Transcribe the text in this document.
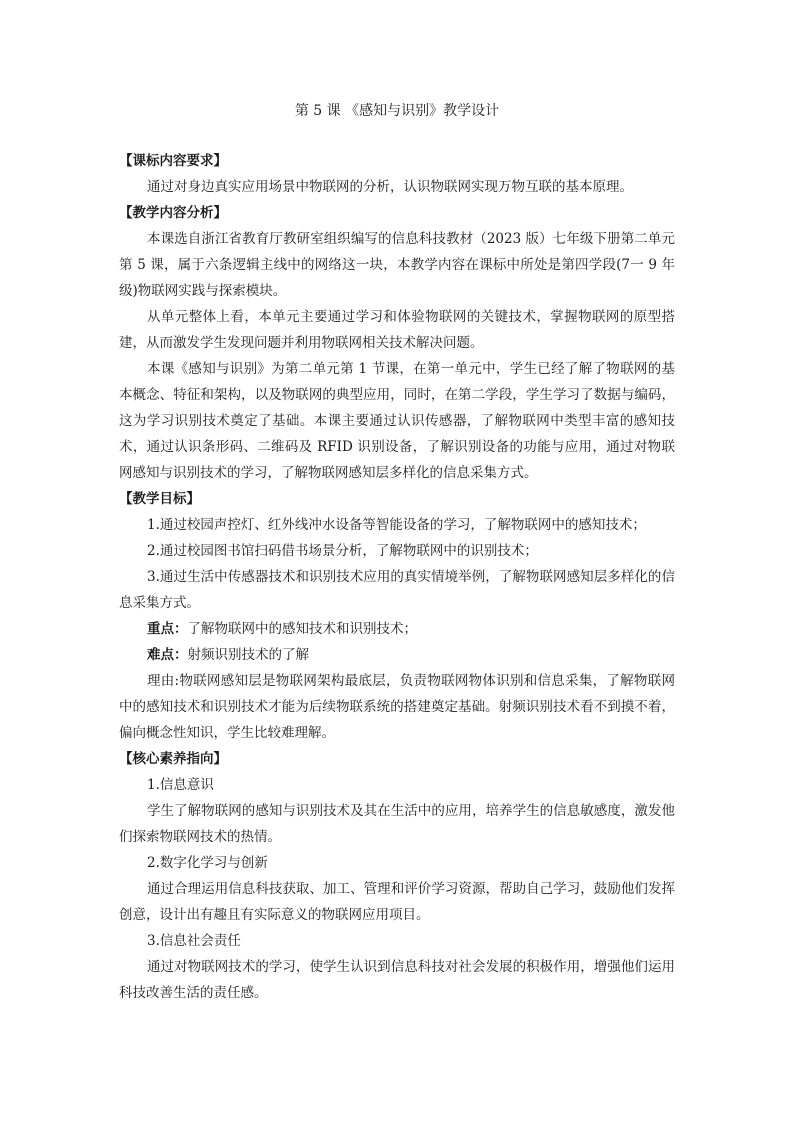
第 5 课 《感知与识别》教学设计

【课标内容要求】

通过对身边真实应用场景中物联网的分析，认识物联网实现万物互联的基本原理。

【教学内容分析】

本课选自浙江省教育厅教研室组织编写的信息科技教材（2023 版）七年级下册第二单元第 5 课，属于六条逻辑主线中的网络这一块，本教学内容在课标中所处是第四学段(7一 9 年级)物联网实践与探索模块。

从单元整体上看，本单元主要通过学习和体验物联网的关键技术，掌握物联网的原型搭建，从而激发学生发现问题并利用物联网相关技术解决问题。

本课《感知与识别》为第二单元第 1 节课，在第一单元中，学生已经了解了物联网的基本概念、特征和架构，以及物联网的典型应用，同时，在第二学段，学生学习了数据与编码，这为学习识别技术奠定了基础。本课主要通过认识传感器，了解物联网中类型丰富的感知技术，通过认识条形码、二维码及 RFID 识别设备，了解识别设备的功能与应用，通过对物联网感知与识别技术的学习，了解物联网感知层多样化的信息采集方式。

【教学目标】

1.通过校园声控灯、红外线冲水设备等智能设备的学习，了解物联网中的感知技术；

2.通过校园图书馆扫码借书场景分析，了解物联网中的识别技术；

3.通过生活中传感器技术和识别技术应用的真实情境举例，了解物联网感知层多样化的信息采集方式。

重点：了解物联网中的感知技术和识别技术；

难点：射频识别技术的了解

理由:物联网感知层是物联网架构最底层，负责物联网物体识别和信息采集，了解物联网中的感知技术和识别技术才能为后续物联系统的搭建奠定基础。射频识别技术看不到摸不着，偏向概念性知识，学生比较难理解。

【核心素养指向】

1.信息意识

学生了解物联网的感知与识别技术及其在生活中的应用，培养学生的信息敏感度，激发他们探索物联网技术的热情。

2.数字化学习与创新

通过合理运用信息科技获取、加工、管理和评价学习资源，帮助自己学习，鼓励他们发挥创意，设计出有趣且有实际意义的物联网应用项目。

3.信息社会责任

通过对物联网技术的学习，使学生认识到信息科技对社会发展的积极作用，增强他们运用科技改善生活的责任感。
